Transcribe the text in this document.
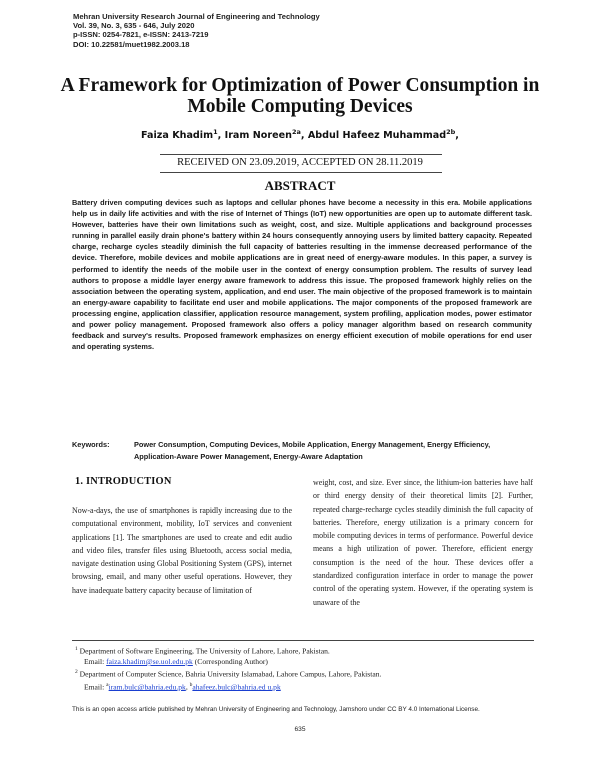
Mehran University Research Journal of Engineering and Technology
Vol. 39, No. 3, 635 - 646, July 2020
p-ISSN: 0254-7821, e-ISSN: 2413-7219
DOI: 10.22581/muet1982.2003.18
A Framework for Optimization of Power Consumption in
Mobile Computing Devices
Faiza Khadim$^1$, Iram Noreen$^{2a}$, Abdul Hafeez Muhammad$^{2b}$,
RECEIVED ON 23.09.2019, ACCEPTED ON 28.11.2019
ABSTRACT

Battery driven computing devices such as laptops and cellular phones have become a necessity in this era. Mobile applications help us in daily life activities and with the rise of Internet of Things (IoT) new opportunities are open up to automate different task. However, batteries have their own limitations such as weight, cost, and size. Multiple applications and background processes running in parallel easily drain phone's battery within 24 hours consequently annoying users by limited battery capacity. Repeated charge, recharge cycles steadily diminish the full capacity of batteries resulting in the immense decreased performance of the device. Therefore, mobile devices and mobile applications are in great need of energy-aware modules. In this paper, a survey is performed to identify the needs of the mobile user in the context of energy consumption problem. The results of survey lead authors to propose a middle layer energy aware framework to address this issue. The proposed framework highly relies on the association between the operating system, application, and end user. The main objective of the proposed framework is to maintain an energy-aware capability to facilitate end user and mobile applications. The major components of the proposed framework are processing engine, application classifier, application resource management, system profiling, application modes, power estimator and power policy management. Proposed framework also offers a policy manager algorithm based on research community feedback and survey's results. Proposed framework emphasizes on energy efficient execution of mobile operations for end user and operating systems.

Keywords:	Power Consumption, Computing Devices, Mobile Application, Energy Management, Energy Efficiency, Application-Aware Power Management, Energy-Aware Adaptation
1. INTRODUCTION

Now-a-days, the use of smartphones is rapidly increasing due to the computational environment, mobility, IoT services and convenient applications [1]. The smartphones are used to create and edit audio and video files, transfer files using Bluetooth, access social media, navigate destination using Global Positioning System (GPS), internet browsing, email, and many other useful operations. However, they have inadequate battery capacity because of limitation of

weight, cost, and size. Ever since, the lithium-ion batteries have half or third energy density of their theoretical limits [2]. Further, repeated charge-recharge cycles steadily diminish the full capacity of batteries. Therefore, energy utilization is a primary concern for mobile computing devices in terms of performance. Powerful device means a high utilization of power. Therefore, efficient energy consumption is the need of the hour. These devices offer a standardized configuration interface in order to manage the power control of the operating system. However, if the operating system is unaware of the

$^1$ Department of Software Engineering, The University of Lahore, Lahore, Pakistan.
Email: faiza.khadim@se.uol.edu.pk (Corresponding Author)
$^2$ Department of Computer Science, Bahria University Islamabad, Lahore Campus, Lahore, Pakistan.
Email: $^a$iram.bulc@bahria.edu.pk, $^b$ahafeez.bulc@bahria.ed u.pk
This is an open access article published by Mehran University of Engineering and Technology, Jamshoro under CC BY 4.0 International License.
635
